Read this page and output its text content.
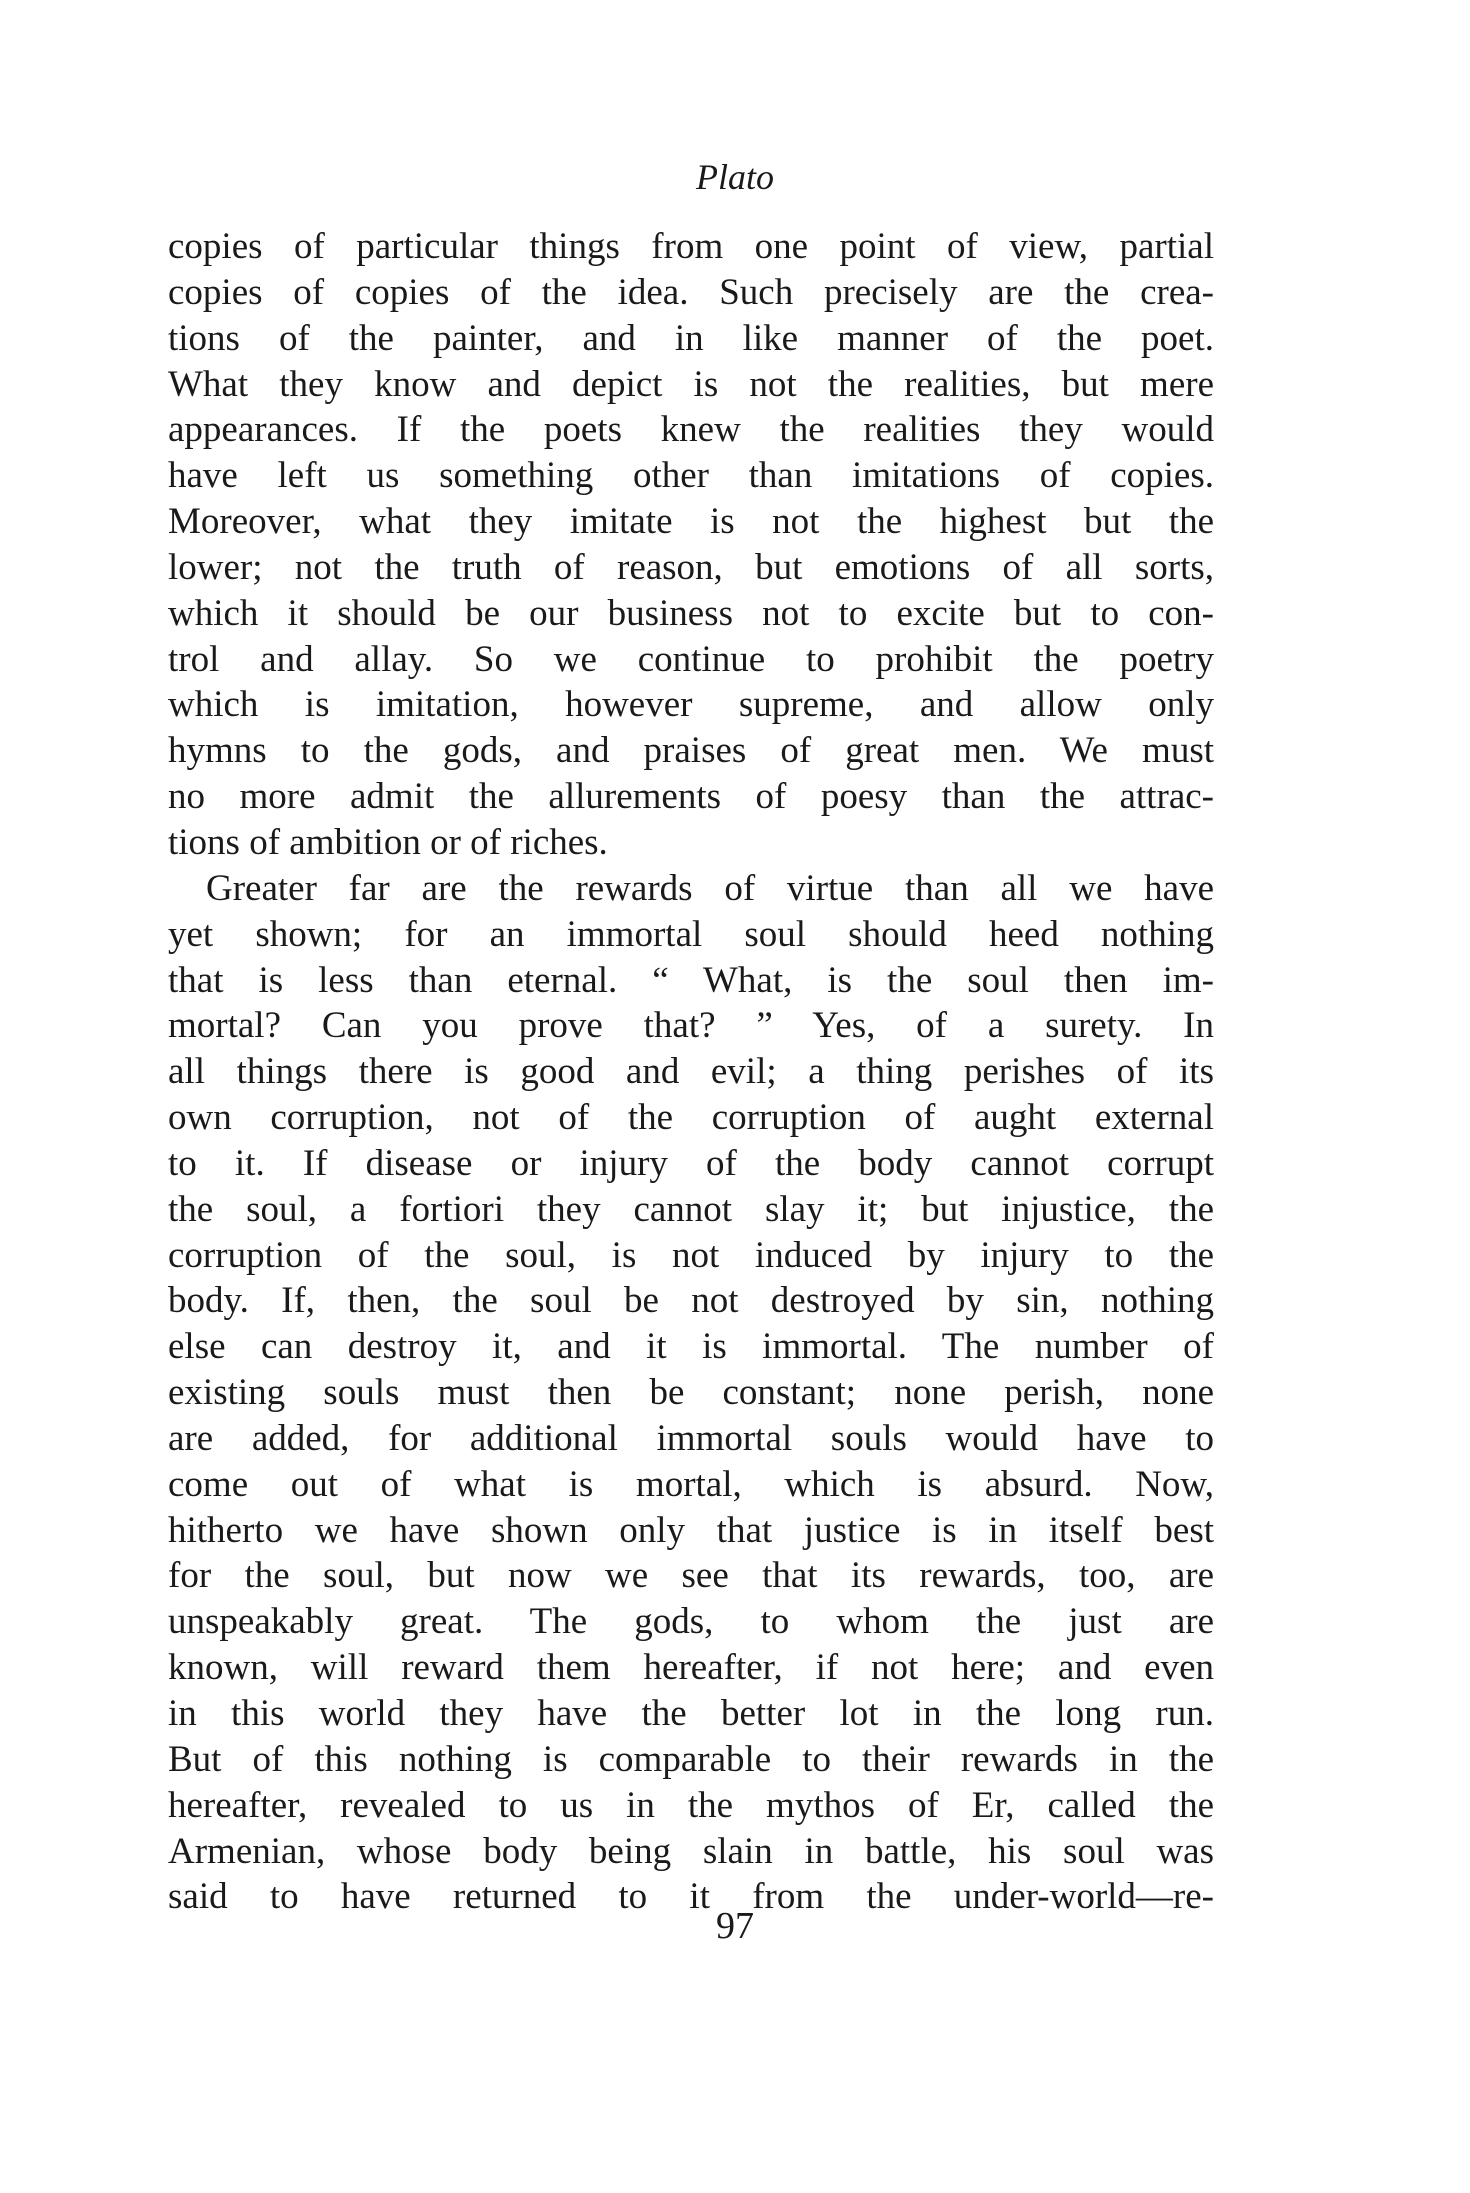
Plato
copies of particular things from one point of view, partial
copies of copies of the idea. Such precisely are the crea-
tions of the painter, and in like manner of the poet.
What they know and depict is not the realities, but mere
appearances. If the poets knew the realities they would
have left us something other than imitations of copies.
Moreover, what they imitate is not the highest but the
lower; not the truth of reason, but emotions of all sorts,
which it should be our business not to excite but to con-
trol and allay. So we continue to prohibit the poetry
which is imitation, however supreme, and allow only
hymns to the gods, and praises of great men. We must
no more admit the allurements of poesy than the attrac-
tions of ambition or of riches.
Greater far are the rewards of virtue than all we have
yet shown; for an immortal soul should heed nothing
that is less than eternal. “ What, is the soul then im-
mortal? Can you prove that? ” Yes, of a surety. In
all things there is good and evil; a thing perishes of its
own corruption, not of the corruption of aught external
to it. If disease or injury of the body cannot corrupt
the soul, a fortiori they cannot slay it; but injustice, the
corruption of the soul, is not induced by injury to the
body. If, then, the soul be not destroyed by sin, nothing
else can destroy it, and it is immortal. The number of
existing souls must then be constant; none perish, none
are added, for additional immortal souls would have to
come out of what is mortal, which is absurd. Now,
hitherto we have shown only that justice is in itself best
for the soul, but now we see that its rewards, too, are
unspeakably great. The gods, to whom the just are
known, will reward them hereafter, if not here; and even
in this world they have the better lot in the long run.
But of this nothing is comparable to their rewards in the
hereafter, revealed to us in the mythos of Er, called the
Armenian, whose body being slain in battle, his soul was
said to have returned to it from the under-world—re-
97
